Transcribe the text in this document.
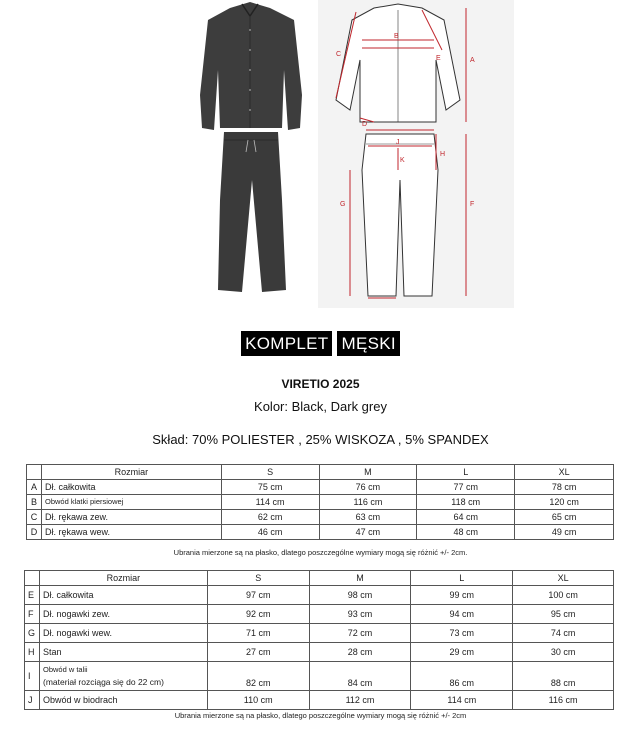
B
C
E	A
D
J
H
K
G	F
KOMPLET MĘSKI
VIRETIO 2025
Kolor: Black, Dark grey
Skład: 70% POLIESTER , 25% WISKOZA , 5% SPANDEX
	Rozmiar	S	M	L	XL
A	Dł. całkowita	75 cm	76 cm	77 cm	78 cm
B	Obwód klatki piersiowej	114 cm	116 cm	118 cm	120 cm
C	Dł. rękawa zew.	62 cm	63 cm	64 cm	65 cm
D	Dł. rękawa wew.	46 cm	47 cm	48 cm	49 cm
Ubrania mierzone są na płasko, dlatego poszczególne wymiary mogą się różnić +/- 2cm.
	Rozmiar	S	M	L	XL
E	Dł. całkowita	97 cm	98 cm	99 cm	100 cm
F	Dł. nogawki zew.	92 cm	93 cm	94 cm	95 cm
G	Dł. nogawki wew.	71 cm	72 cm	73 cm	74 cm
H	Stan	27 cm	28 cm	29 cm	30 cm
I	Obwód w talii
(materiał rozciąga się do 22 cm)	82 cm	84 cm	86 cm	88 cm
J	Obwód w biodrach	110 cm	112 cm	114 cm	116 cm
Ubrania mierzone są na płasko, dlatego poszczególne wymiary mogą się różnić +/- 2cm
